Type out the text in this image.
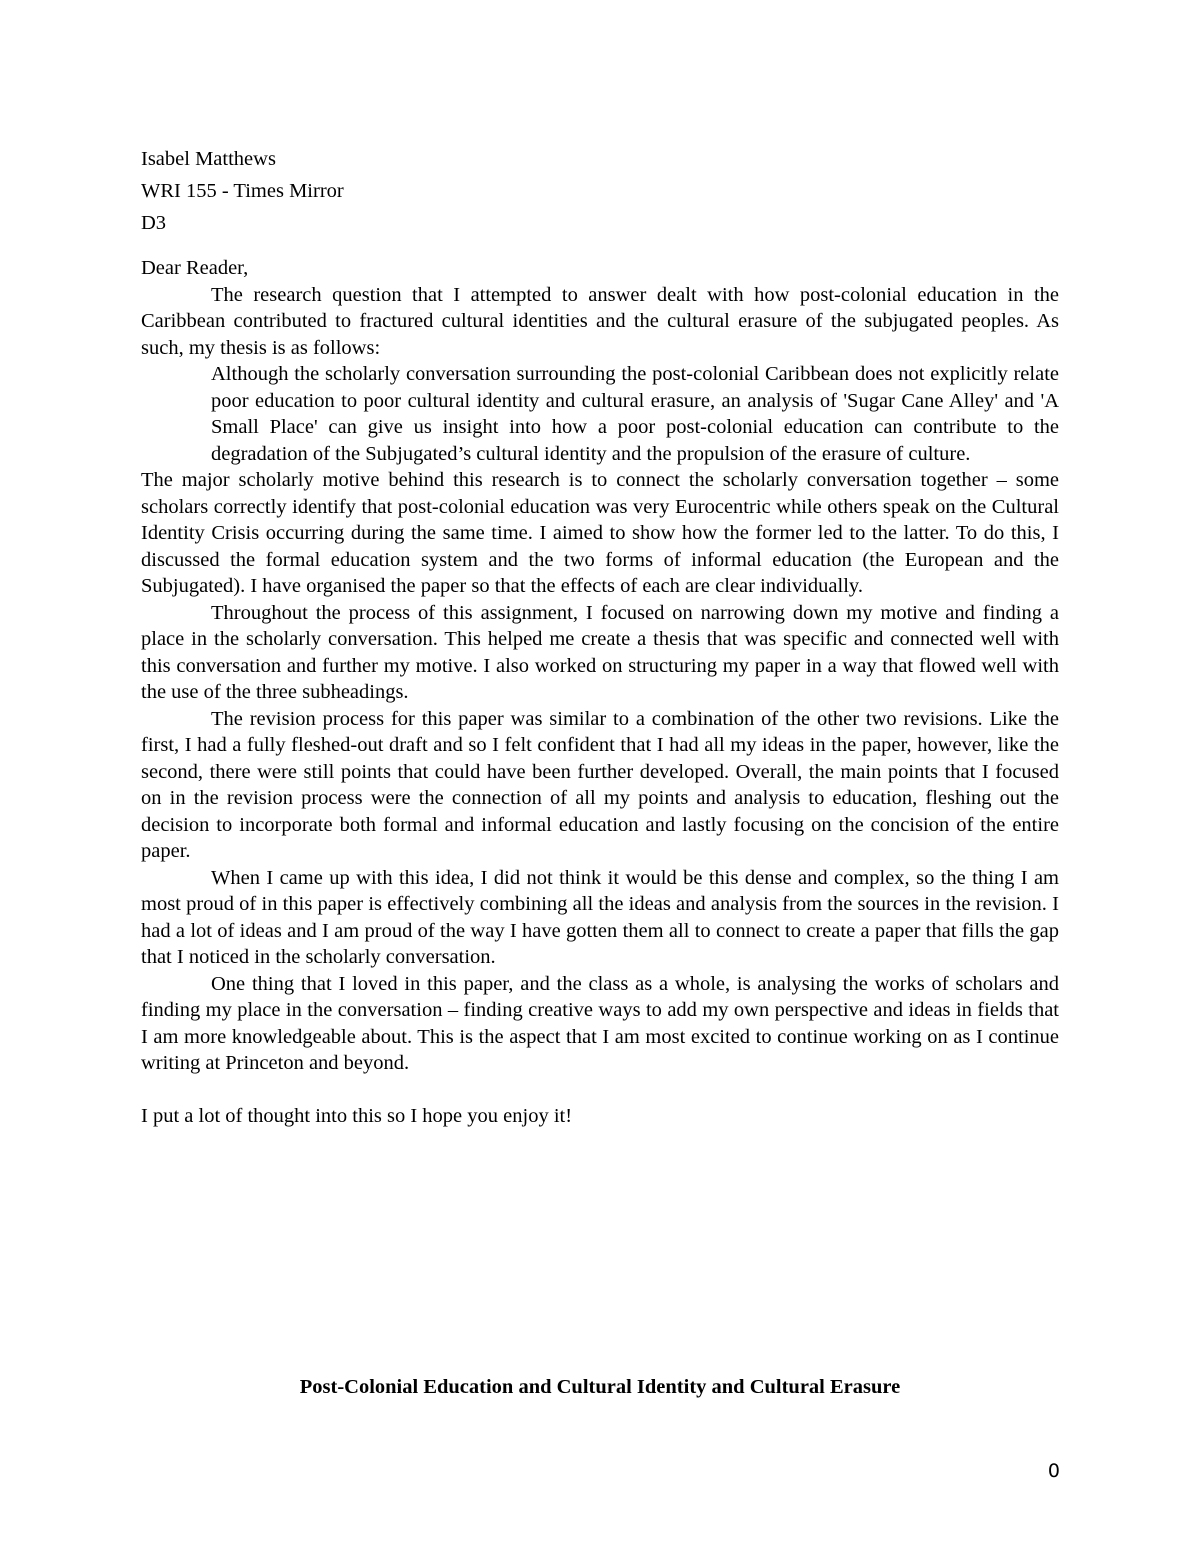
Isabel Matthews

WRI 155 - Times Mirror

D3

Dear Reader,

The research question that I attempted to answer dealt with how post-colonial education in the Caribbean contributed to fractured cultural identities and the cultural erasure of the subjugated peoples. As such, my thesis is as follows:

Although the scholarly conversation surrounding the post-colonial Caribbean does not explicitly relate poor education to poor cultural identity and cultural erasure, an analysis of 'Sugar Cane Alley' and 'A Small Place' can give us insight into how a poor post-colonial education can contribute to the degradation of the Subjugated’s cultural identity and the propulsion of the erasure of culture.

The major scholarly motive behind this research is to connect the scholarly conversation together – some scholars correctly identify that post-colonial education was very Eurocentric while others speak on the Cultural Identity Crisis occurring during the same time. I aimed to show how the former led to the latter. To do this, I discussed the formal education system and the two forms of informal education (the European and the Subjugated). I have organised the paper so that the effects of each are clear individually.

Throughout the process of this assignment, I focused on narrowing down my motive and finding a place in the scholarly conversation. This helped me create a thesis that was specific and connected well with this conversation and further my motive. I also worked on structuring my paper in a way that flowed well with the use of the three subheadings.

The revision process for this paper was similar to a combination of the other two revisions. Like the first, I had a fully fleshed-out draft and so I felt confident that I had all my ideas in the paper, however, like the second, there were still points that could have been further developed. Overall, the main points that I focused on in the revision process were the connection of all my points and analysis to education, fleshing out the decision to incorporate both formal and informal education and lastly focusing on the concision of the entire paper.

When I came up with this idea, I did not think it would be this dense and complex, so the thing I am most proud of in this paper is effectively combining all the ideas and analysis from the sources in the revision. I had a lot of ideas and I am proud of the way I have gotten them all to connect to create a paper that fills the gap that I noticed in the scholarly conversation.

One thing that I loved in this paper, and the class as a whole, is analysing the works of scholars and finding my place in the conversation – finding creative ways to add my own perspective and ideas in fields that I am more knowledgeable about. This is the aspect that I am most excited to continue working on as I continue writing at Princeton and beyond.

I put a lot of thought into this so I hope you enjoy it!

Post-Colonial Education and Cultural Identity and Cultural Erasure
0
